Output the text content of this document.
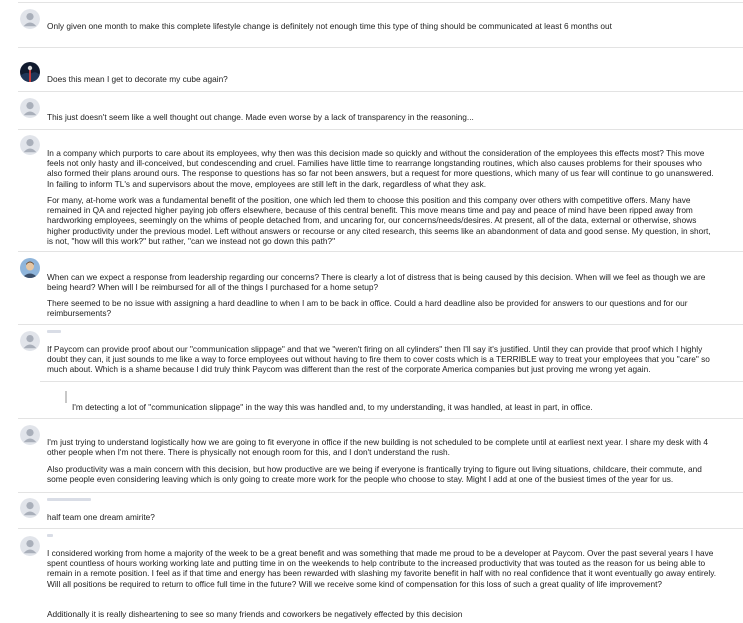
Only given one month to make this complete lifestyle change is definitely not enough time this type of thing should be communicated at least 6 months out

Does this mean I get to decorate my cube again?

This just doesn't seem like a well thought out change. Made even worse by a lack of transparency in the reasoning...

In a company which purports to care about its employees, why then was this decision made so quickly and without the consideration of the employees this effects most? This move feels not only hasty and ill-conceived, but condescending and cruel. Families have little time to rearrange longstanding routines, which also causes problems for their spouses who also formed their plans around ours. The response to questions has so far not been answers, but a request for more questions, which many of us fear will continue to go unanswered. In failing to inform TL's and supervisors about the move, employees are still left in the dark, regardless of what they ask.

For many, at-home work was a fundamental benefit of the position, one which led them to choose this position and this company over others with competitive offers. Many have remained in QA and rejected higher paying job offers elsewhere, because of this central benefit. This move means time and pay and peace of mind have been ripped away from hardworking employees, seemingly on the whims of people detached from, and uncaring for, our concerns/needs/desires. At present, all of the data, external or otherwise, shows higher productivity under the previous model. Left without answers or recourse or any cited research, this seems like an abandonment of data and good sense. My question, in short, is not, "how will this work?" but rather, "can we instead not go down this path?"

When can we expect a response from leadership regarding our concerns? There is clearly a lot of distress that is being caused by this decision. When will we feel as though we are being heard? When will I be reimbursed for all of the things I purchased for a home setup?

There seemed to be no issue with assigning a hard deadline to when I am to be back in office. Could a hard deadline also be provided for answers to our questions and for our reimbursements?

If Paycom can provide proof about our "communication slippage" and that we "weren't firing on all cylinders" then I'll say it's justified. Until they can provide that proof which I highly doubt they can, it just sounds to me like a way to force employees out without having to fire them to cover costs which is a TERRIBLE way to treat your employees that you "care" so much about. Which is a shame because I did truly think Paycom was different than the rest of the corporate America companies but just proving me wrong yet again.

I'm detecting a lot of "communication slippage" in the way this was handled and, to my understanding, it was handled, at least in part, in office.

I'm just trying to understand logistically how we are going to fit everyone in office if the new building is not scheduled to be complete until at earliest next year. I share my desk with 4 other people when I'm not there. There is physically not enough room for this, and I don't understand the rush.

Also productivity was a main concern with this decision, but how productive are we being if everyone is frantically trying to figure out living situations, childcare, their commute, and some people even considering leaving which is only going to create more work for the people who choose to stay. Might I add at one of the busiest times of the year for us.

half team one dream amirite?

I considered working from home a majority of the week to be a great benefit and was something that made me proud to be a developer at Paycom. Over the past several years I have spent countless of hours working working late and putting time in on the weekends to help contribute to the increased productivity that was touted as the reason for us being able to remain in a remote position. I feel as if that time and energy has been rewarded with slashing my favorite benefit in half with no real confidence that it wont eventually go away entirely. Will all positions be required to return to office full time in the future? Will we receive some kind of compensation for this loss of such a great quality of life improvement?

Additionally it is really disheartening to see so many friends and coworkers be negatively effected by this decision
